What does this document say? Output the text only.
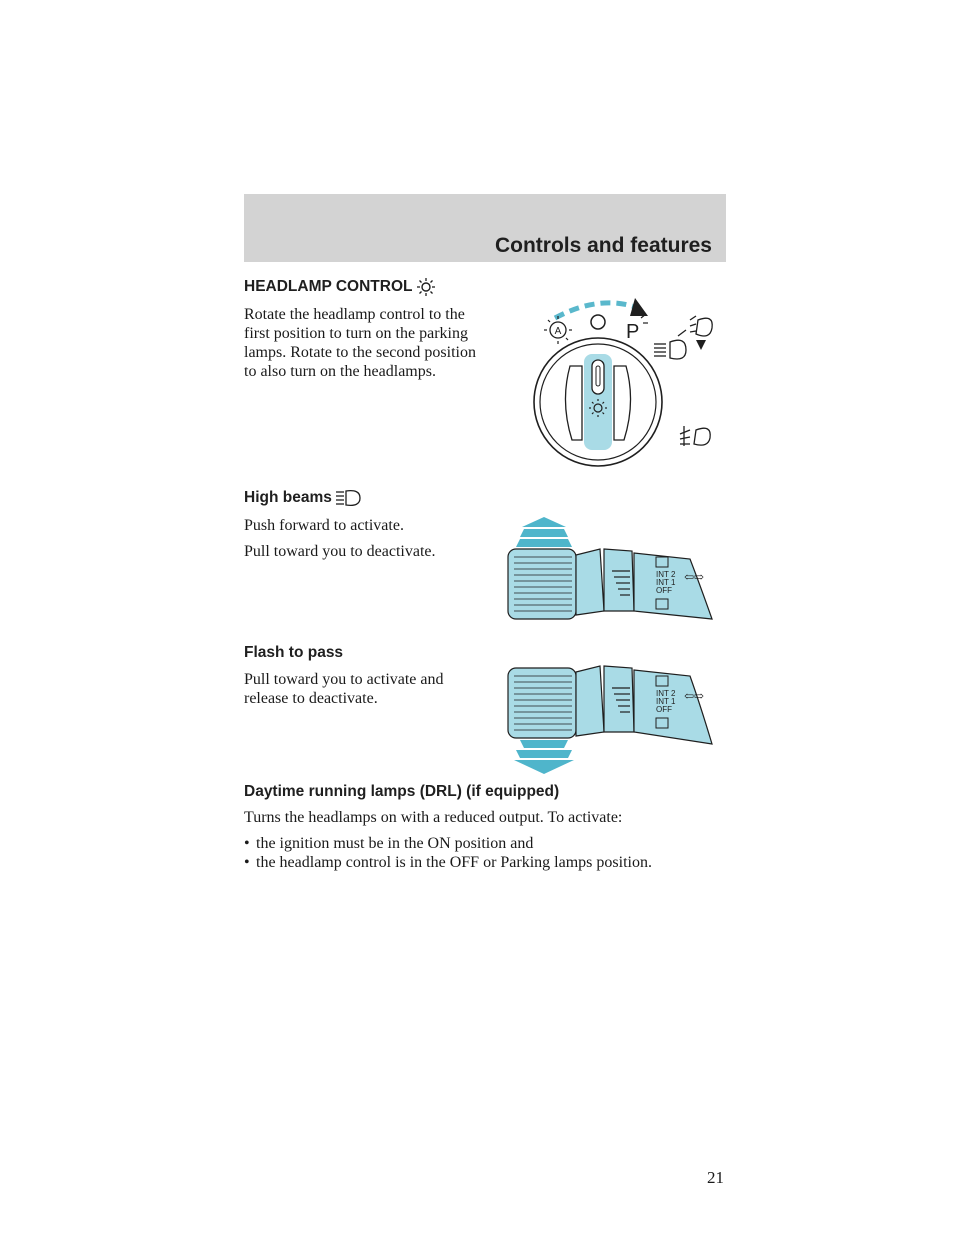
Controls and features
HEADLAMP CONTROL

Rotate the headlamp control to the

first position to turn on the parking

lamps. Rotate to the second position

to also turn on the headlamps.

A	P
High beams

Push forward to activate.

Pull toward you to deactivate.

INT 2
INT 1
OFF
⇦⇨
Flash to pass

Pull toward you to activate and

release to deactivate.	INT 2
INT 1
OFF
⇦⇨
Daytime running lamps (DRL) (if equipped)

Turns the headlamps on with a reduced output. To activate:

• the ignition must be in the ON position and
• the headlamp control is in the OFF or Parking lamps position.
21
